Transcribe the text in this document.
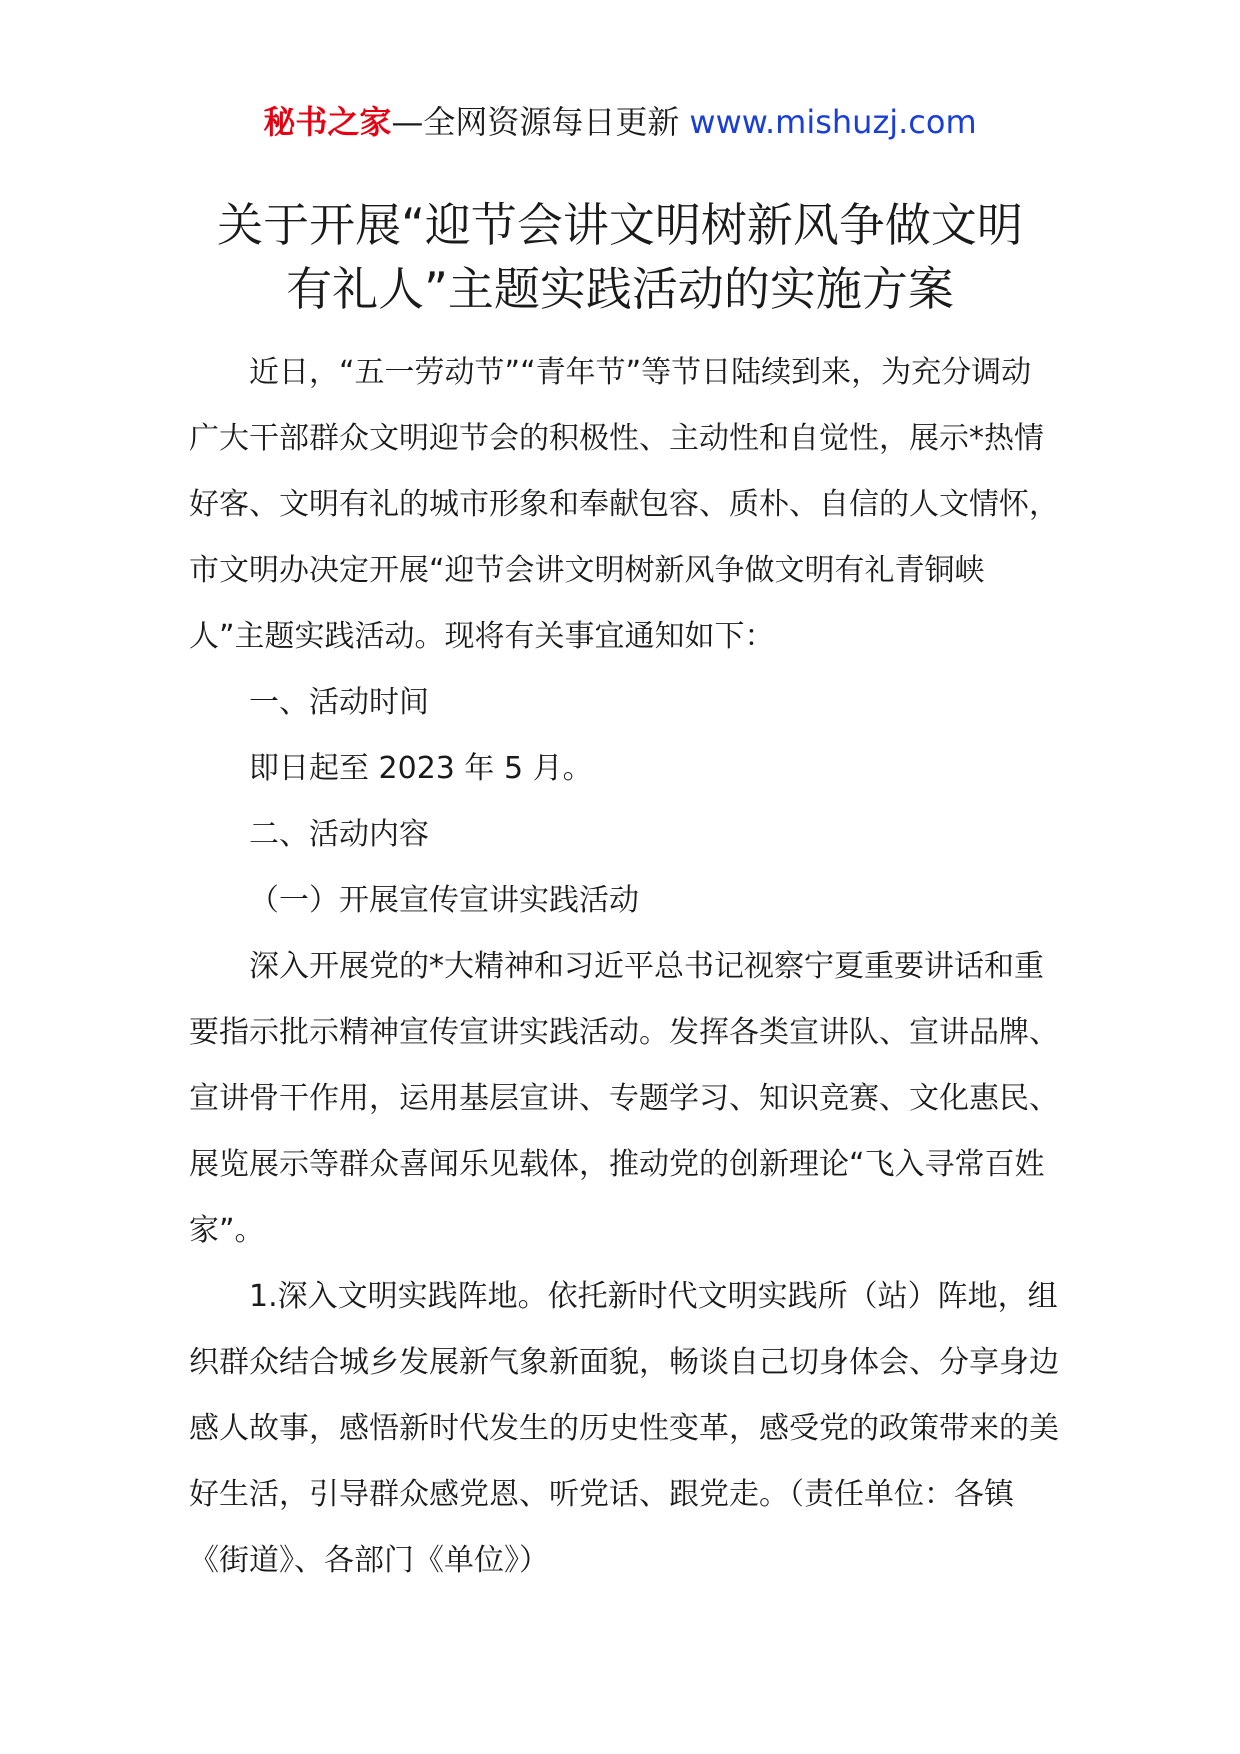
秘书之家—全网资源每日更新 www.mishuzj.com
关于开展“迎节会讲文明树新风争做文明
有礼人”主题实践活动的实施方案

近日，“五一劳动节”“青年节”等节日陆续到来，为充分调动广大干部群众文明迎节会的积极性、主动性和自觉性，展示*热情好客、文明有礼的城市形象和奉献包容、质朴、自信的人文情怀，市文明办决定开展“迎节会讲文明树新风争做文明有礼青铜峡人”主题实践活动。现将有关事宜通知如下：

一、活动时间

即日起至 2023 年 5 月。

二、活动内容

（一）开展宣传宣讲实践活动

深入开展党的*大精神和习近平总书记视察宁夏重要讲话和重要指示批示精神宣传宣讲实践活动。发挥各类宣讲队、宣讲品牌、宣讲骨干作用，运用基层宣讲、专题学习、知识竞赛、文化惠民、展览展示等群众喜闻乐见载体，推动党的创新理论“飞入寻常百姓家”。

1.深入文明实践阵地。依托新时代文明实践所（站）阵地，组织群众结合城乡发展新气象新面貌，畅谈自己切身体会、分享身边感人故事，感悟新时代发生的历史性变革，感受党的政策带来的美好生活，引导群众感党恩、听党话、跟党走。（责任单位：各镇《街道》、各部门《单位》）
